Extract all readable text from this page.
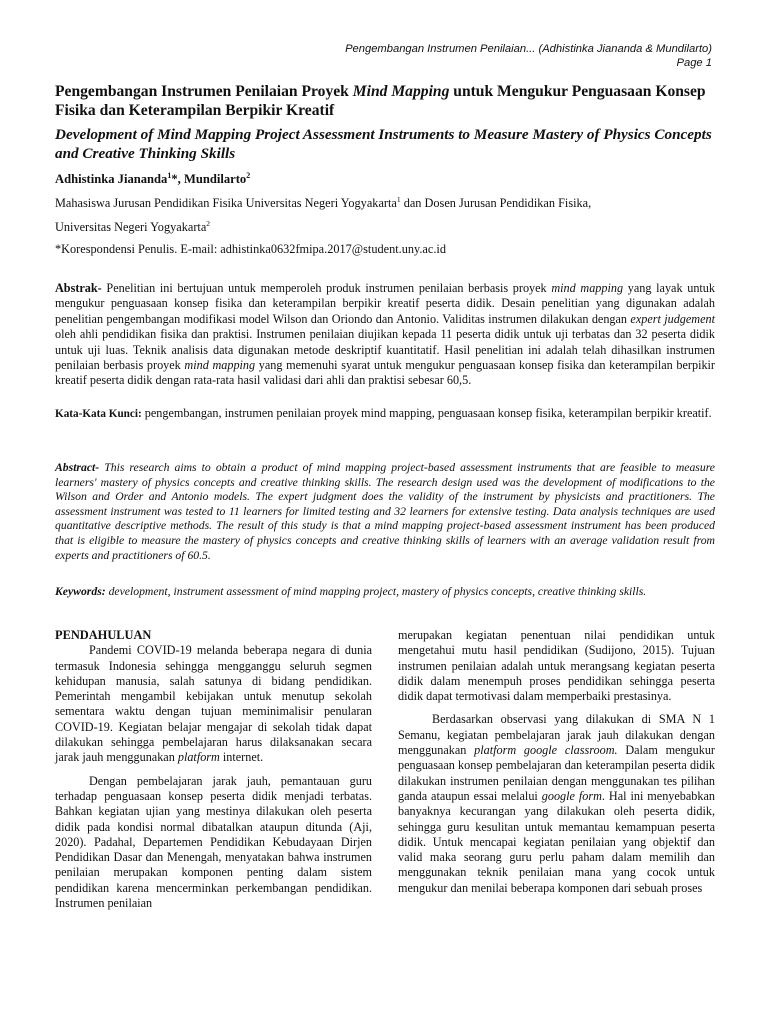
Pengembangan Instrumen Penilaian... (Adhistinka Jiananda & Mundilarto)
Page 1
Pengembangan Instrumen Penilaian Proyek Mind Mapping untuk Mengukur Penguasaan Konsep Fisika dan Keterampilan Berpikir Kreatif
Development of Mind Mapping Project Assessment Instruments to Measure Mastery of Physics Concepts and Creative Thinking Skills
Adhistinka Jiananda$^1$*, Mundilarto$^2$
Mahasiswa Jurusan Pendidikan Fisika Universitas Negeri Yogyakarta$^1$ dan Dosen Jurusan Pendidikan Fisika,
Universitas Negeri Yogyakarta$^2$
*Korespondensi Penulis. E-mail: adhistinka0632fmipa.2017@student.uny.ac.id
Abstrak- Penelitian ini bertujuan untuk memperoleh produk instrumen penilaian berbasis proyek mind mapping yang layak untuk mengukur penguasaan konsep fisika dan keterampilan berpikir kreatif peserta didik. Desain penelitian yang digunakan adalah penelitian pengembangan modifikasi model Wilson dan Oriondo dan Antonio. Validitas instrumen dilakukan dengan expert judgement oleh ahli pendidikan fisika dan praktisi. Instrumen penilaian diujikan kepada 11 peserta didik untuk uji terbatas dan 32 peserta didik untuk uji luas. Teknik analisis data digunakan metode deskriptif kuantitatif. Hasil penelitian ini adalah telah dihasilkan instrumen penilaian berbasis proyek mind mapping yang memenuhi syarat untuk mengukur penguasaan konsep fisika dan keterampilan berpikir kreatif peserta didik dengan rata-rata hasil validasi dari ahli dan praktisi sebesar 60,5.
Kata-Kata Kunci: pengembangan, instrumen penilaian proyek mind mapping, penguasaan konsep fisika, keterampilan berpikir kreatif.
Abstract- This research aims to obtain a product of mind mapping project-based assessment instruments that are feasible to measure learners' mastery of physics concepts and creative thinking skills. The research design used was the development of modifications to the Wilson and Order and Antonio models. The expert judgment does the validity of the instrument by physicists and practitioners. The assessment instrument was tested to 11 learners for limited testing and 32 learners for extensive testing. Data analysis techniques are used quantitative descriptive methods. The result of this study is that a mind mapping project-based assessment instrument has been produced that is eligible to measure the mastery of physics concepts and creative thinking skills of learners with an average validation result from experts and practitioners of 60.5.
Keywords: development, instrument assessment of mind mapping project, mastery of physics concepts, creative thinking skills.
PENDAHULUAN

Pandemi COVID-19 melanda beberapa negara di dunia termasuk Indonesia sehingga mengganggu seluruh segmen kehidupan manusia, salah satunya di bidang pendidikan. Pemerintah mengambil kebijakan untuk menutup sekolah sementara waktu dengan tujuan meminimalisir penularan COVID-19. Kegiatan belajar mengajar di sekolah tidak dapat dilakukan sehingga pembelajaran harus dilaksanakan secara jarak jauh menggunakan platform internet.

Dengan pembelajaran jarak jauh, pemantauan guru terhadap penguasaan konsep peserta didik menjadi terbatas. Bahkan kegiatan ujian yang mestinya dilakukan oleh peserta didik pada kondisi normal dibatalkan ataupun ditunda (Aji, 2020). Padahal, Departemen Pendidikan Kebudayaan Dirjen Pendidikan Dasar dan Menengah, menyatakan bahwa instrumen penilaian merupakan komponen penting dalam sistem pendidikan karena mencerminkan perkembangan pendidikan. Instrumen penilaian

merupakan kegiatan penentuan nilai pendidikan untuk mengetahui mutu hasil pendidikan (Sudijono, 2015). Tujuan instrumen penilaian adalah untuk merangsang kegiatan peserta didik dalam menempuh proses pendidikan sehingga peserta didik dapat termotivasi dalam memperbaiki prestasinya.

Berdasarkan observasi yang dilakukan di SMA N 1 Semanu, kegiatan pembelajaran jarak jauh dilakukan dengan menggunakan platform google classroom. Dalam mengukur penguasaan konsep pembelajaran dan keterampilan peserta didik dilakukan instrumen penilaian dengan menggunakan tes pilihan ganda ataupun essai melalui google form. Hal ini menyebabkan banyaknya kecurangan yang dilakukan oleh peserta didik, sehingga guru kesulitan untuk memantau kemampuan peserta didik. Untuk mencapai kegiatan penilaian yang objektif dan valid maka seorang guru perlu paham dalam memilih dan menggunakan teknik penilaian mana yang cocok untuk mengukur dan menilai beberapa komponen dari sebuah proses
